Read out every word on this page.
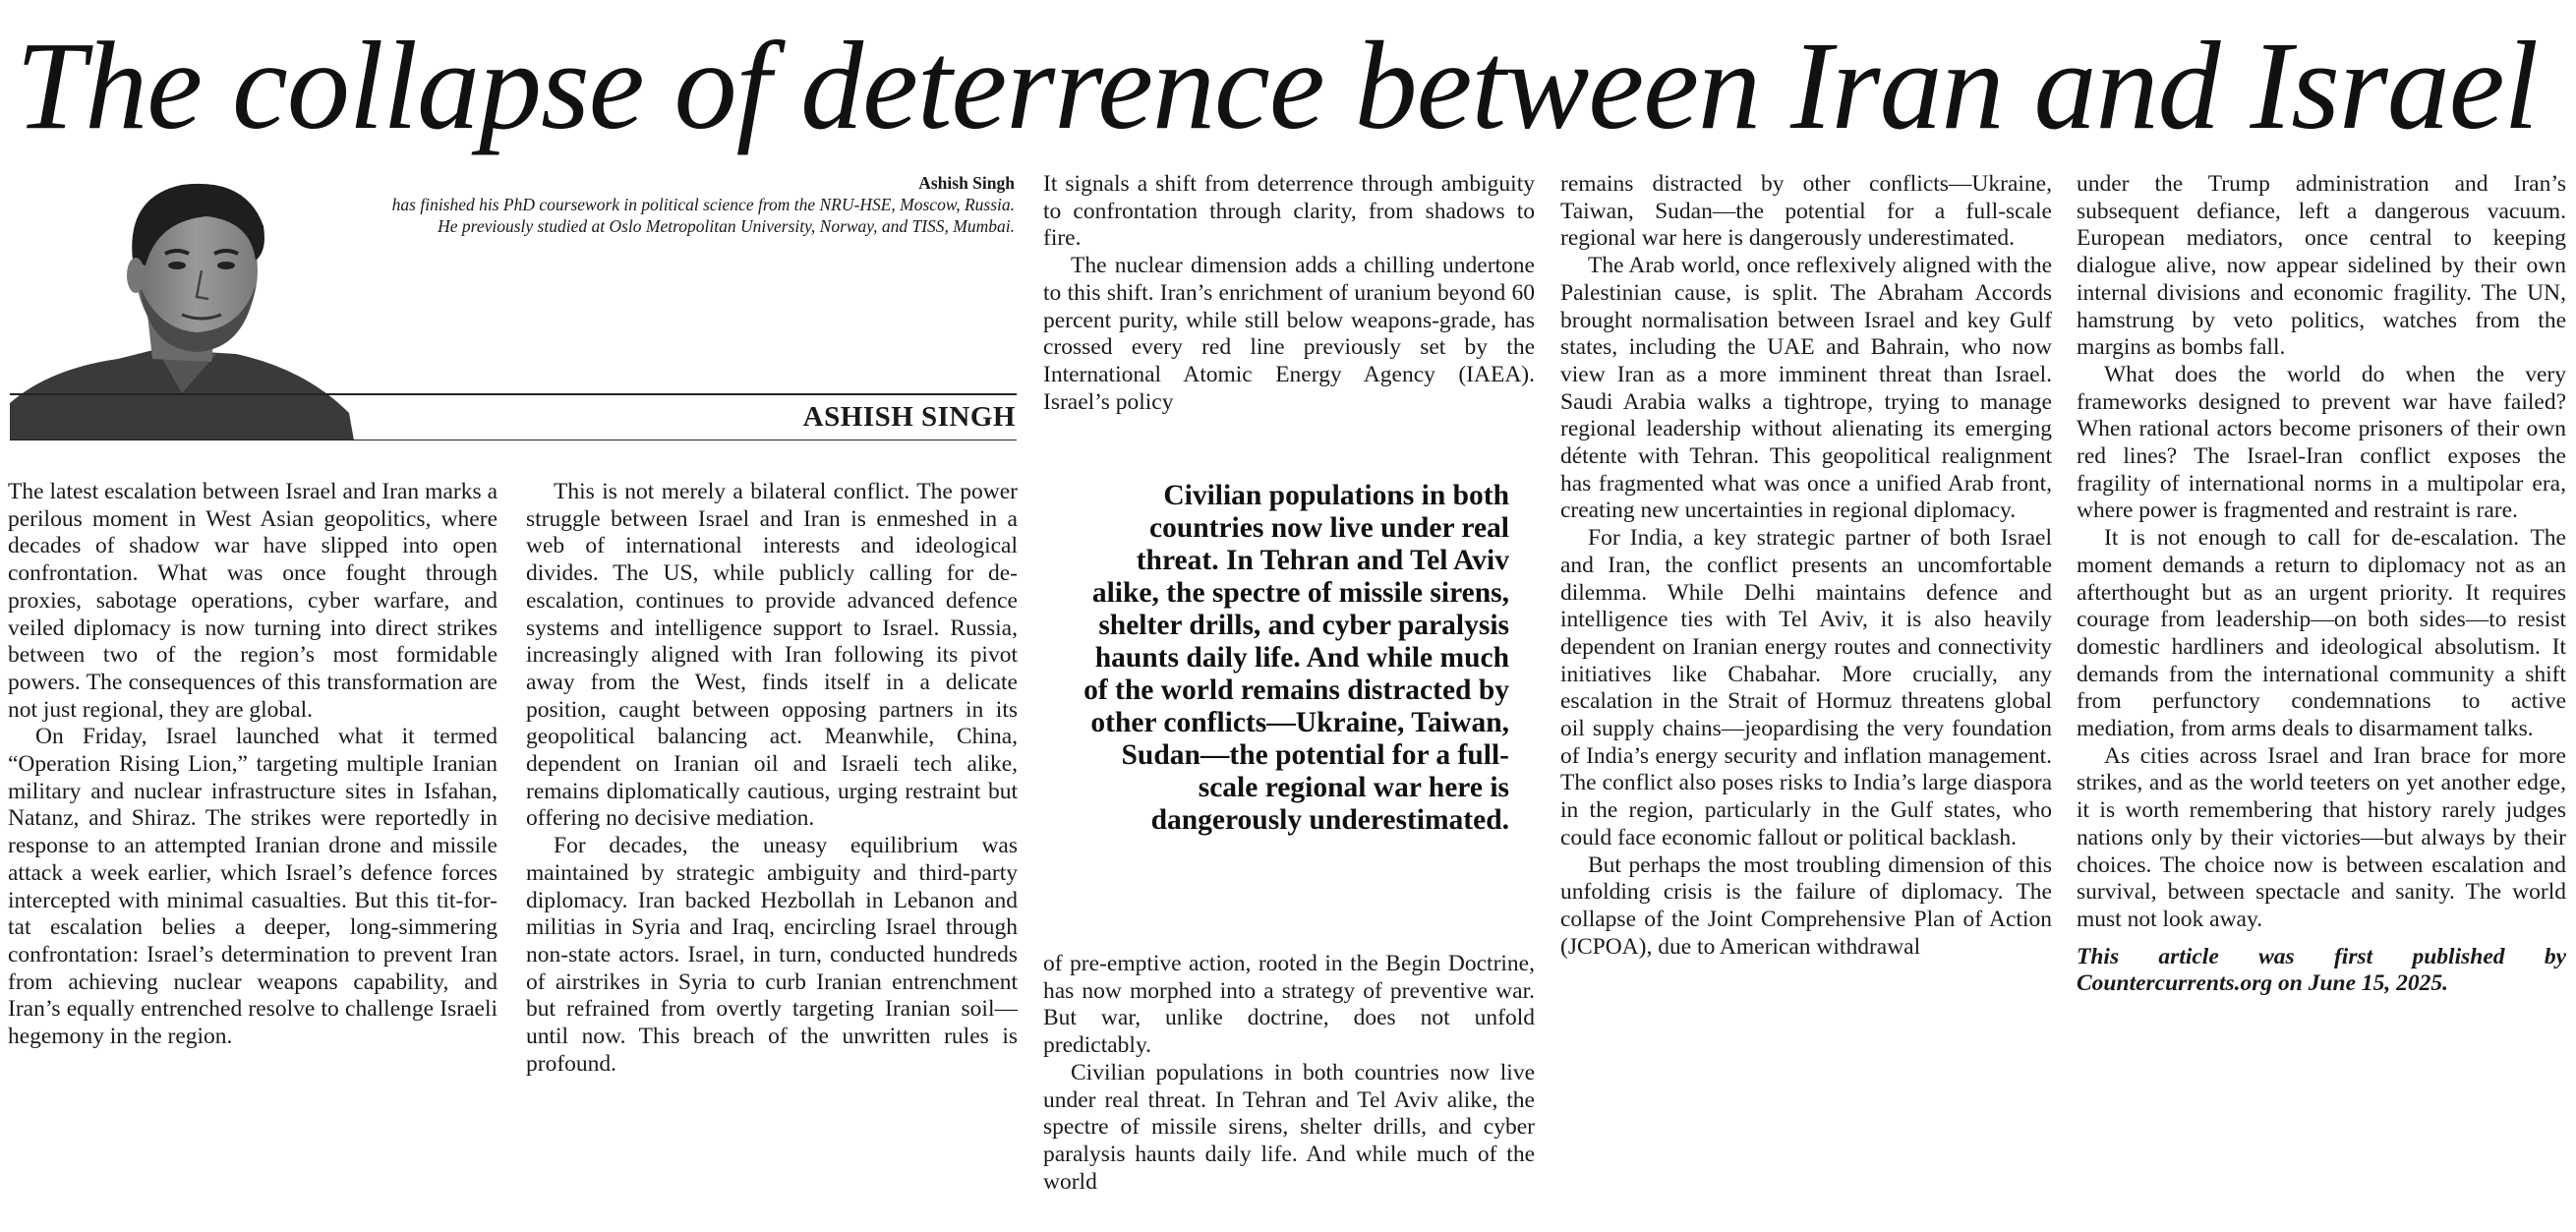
The collapse of deterrence between Iran and Israel
Ashish Singh
has finished his PhD coursework in political science from the NRU-HSE, Moscow, Russia. He previously studied at Oslo Metropolitan University, Norway, and TISS, Mumbai.
ASHISH SINGH

The latest escalation between Israel and Iran marks a perilous moment in West Asian geopolitics, where decades of shadow war have slipped into open confrontation. What was once fought through proxies, sabotage operations, cyber warfare, and veiled diplomacy is now turning into direct strikes between two of the region’s most formidable powers. The consequences of this transformation are not just regional, they are global.

On Friday, Israel launched what it termed “Operation Rising Lion,” targeting multiple Iranian military and nuclear infrastructure sites in Isfahan, Natanz, and Shiraz. The strikes were reportedly in response to an attempted Iranian drone and missile attack a week earlier, which Israel’s defence forces intercepted with minimal casualties. But this tit-for-tat escalation belies a deeper, long-simmering confrontation: Israel’s determination to prevent Iran from achieving nuclear weapons capability, and Iran’s equally entrenched resolve to challenge Israeli hegemony in the region.

This is not merely a bilateral conflict. The power struggle between Israel and Iran is enmeshed in a web of international interests and ideological divides. The US, while publicly calling for de-escalation, continues to provide advanced defence systems and intelligence support to Israel. Russia, increasingly aligned with Iran following its pivot away from the West, finds itself in a delicate position, caught between opposing partners in its geopolitical balancing act. Meanwhile, China, dependent on Iranian oil and Israeli tech alike, remains diplomatically cautious, urging restraint but offering no decisive mediation.

For decades, the uneasy equilibrium was maintained by strategic ambiguity and third-party diplomacy. Iran backed Hezbollah in Lebanon and militias in Syria and Iraq, encircling Israel through non-state actors. Israel, in turn, conducted hundreds of airstrikes in Syria to curb Iranian entrenchment but refrained from overtly targeting Iranian soil—until now. This breach of the unwritten rules is profound.

It signals a shift from deterrence through ambiguity to confrontation through clarity, from shadows to fire.

The nuclear dimension adds a chilling undertone to this shift. Iran’s enrichment of uranium beyond 60 percent purity, while still below weapons-grade, has crossed every red line previously set by the International Atomic Energy Agency (IAEA). Israel’s policy

Civilian populations in both countries now live under real threat. In Tehran and Tel Aviv alike, the spectre of missile sirens, shelter drills, and cyber paralysis haunts daily life. And while much of the world remains distracted by other conflicts—Ukraine, Taiwan, Sudan—the potential for a full-scale regional war here is dangerously underestimated.

of pre-emptive action, rooted in the Begin Doctrine, has now morphed into a strategy of preventive war. But war, unlike doctrine, does not unfold predictably.

Civilian populations in both countries now live under real threat. In Tehran and Tel Aviv alike, the spectre of missile sirens, shelter drills, and cyber paralysis haunts daily life. And while much of the world

remains distracted by other conflicts—Ukraine, Taiwan, Sudan—the potential for a full-scale regional war here is dangerously underestimated.

The Arab world, once reflexively aligned with the Palestinian cause, is split. The Abraham Accords brought normalisation between Israel and key Gulf states, including the UAE and Bahrain, who now view Iran as a more imminent threat than Israel. Saudi Arabia walks a tightrope, trying to manage regional leadership without alienating its emerging détente with Tehran. This geopolitical realignment has fragmented what was once a unified Arab front, creating new uncertainties in regional diplomacy.

For India, a key strategic partner of both Israel and Iran, the conflict presents an uncomfortable dilemma. While Delhi maintains defence and intelligence ties with Tel Aviv, it is also heavily dependent on Iranian energy routes and connectivity initiatives like Chabahar. More crucially, any escalation in the Strait of Hormuz threatens global oil supply chains—jeopardising the very foundation of India’s energy security and inflation management. The conflict also poses risks to India’s large diaspora in the region, particularly in the Gulf states, who could face economic fallout or political backlash.

But perhaps the most troubling dimension of this unfolding crisis is the failure of diplomacy. The collapse of the Joint Comprehensive Plan of Action (JCPOA), due to American withdrawal

under the Trump administration and Iran’s subsequent defiance, left a dangerous vacuum. European mediators, once central to keeping dialogue alive, now appear sidelined by their own internal divisions and economic fragility. The UN, hamstrung by veto politics, watches from the margins as bombs fall.

What does the world do when the very frameworks designed to prevent war have failed? When rational actors become prisoners of their own red lines? The Israel-Iran conflict exposes the fragility of international norms in a multipolar era, where power is fragmented and restraint is rare.

It is not enough to call for de-escalation. The moment demands a return to diplomacy not as an afterthought but as an urgent priority. It requires courage from leadership—on both sides—to resist domestic hardliners and ideological absolutism. It demands from the international community a shift from perfunctory condemnations to active mediation, from arms deals to disarmament talks.

As cities across Israel and Iran brace for more strikes, and as the world teeters on yet another edge, it is worth remembering that history rarely judges nations only by their victories—but always by their choices. The choice now is between escalation and survival, between spectacle and sanity. The world must not look away.

This article was first published by Countercurrents.org on June 15, 2025.
